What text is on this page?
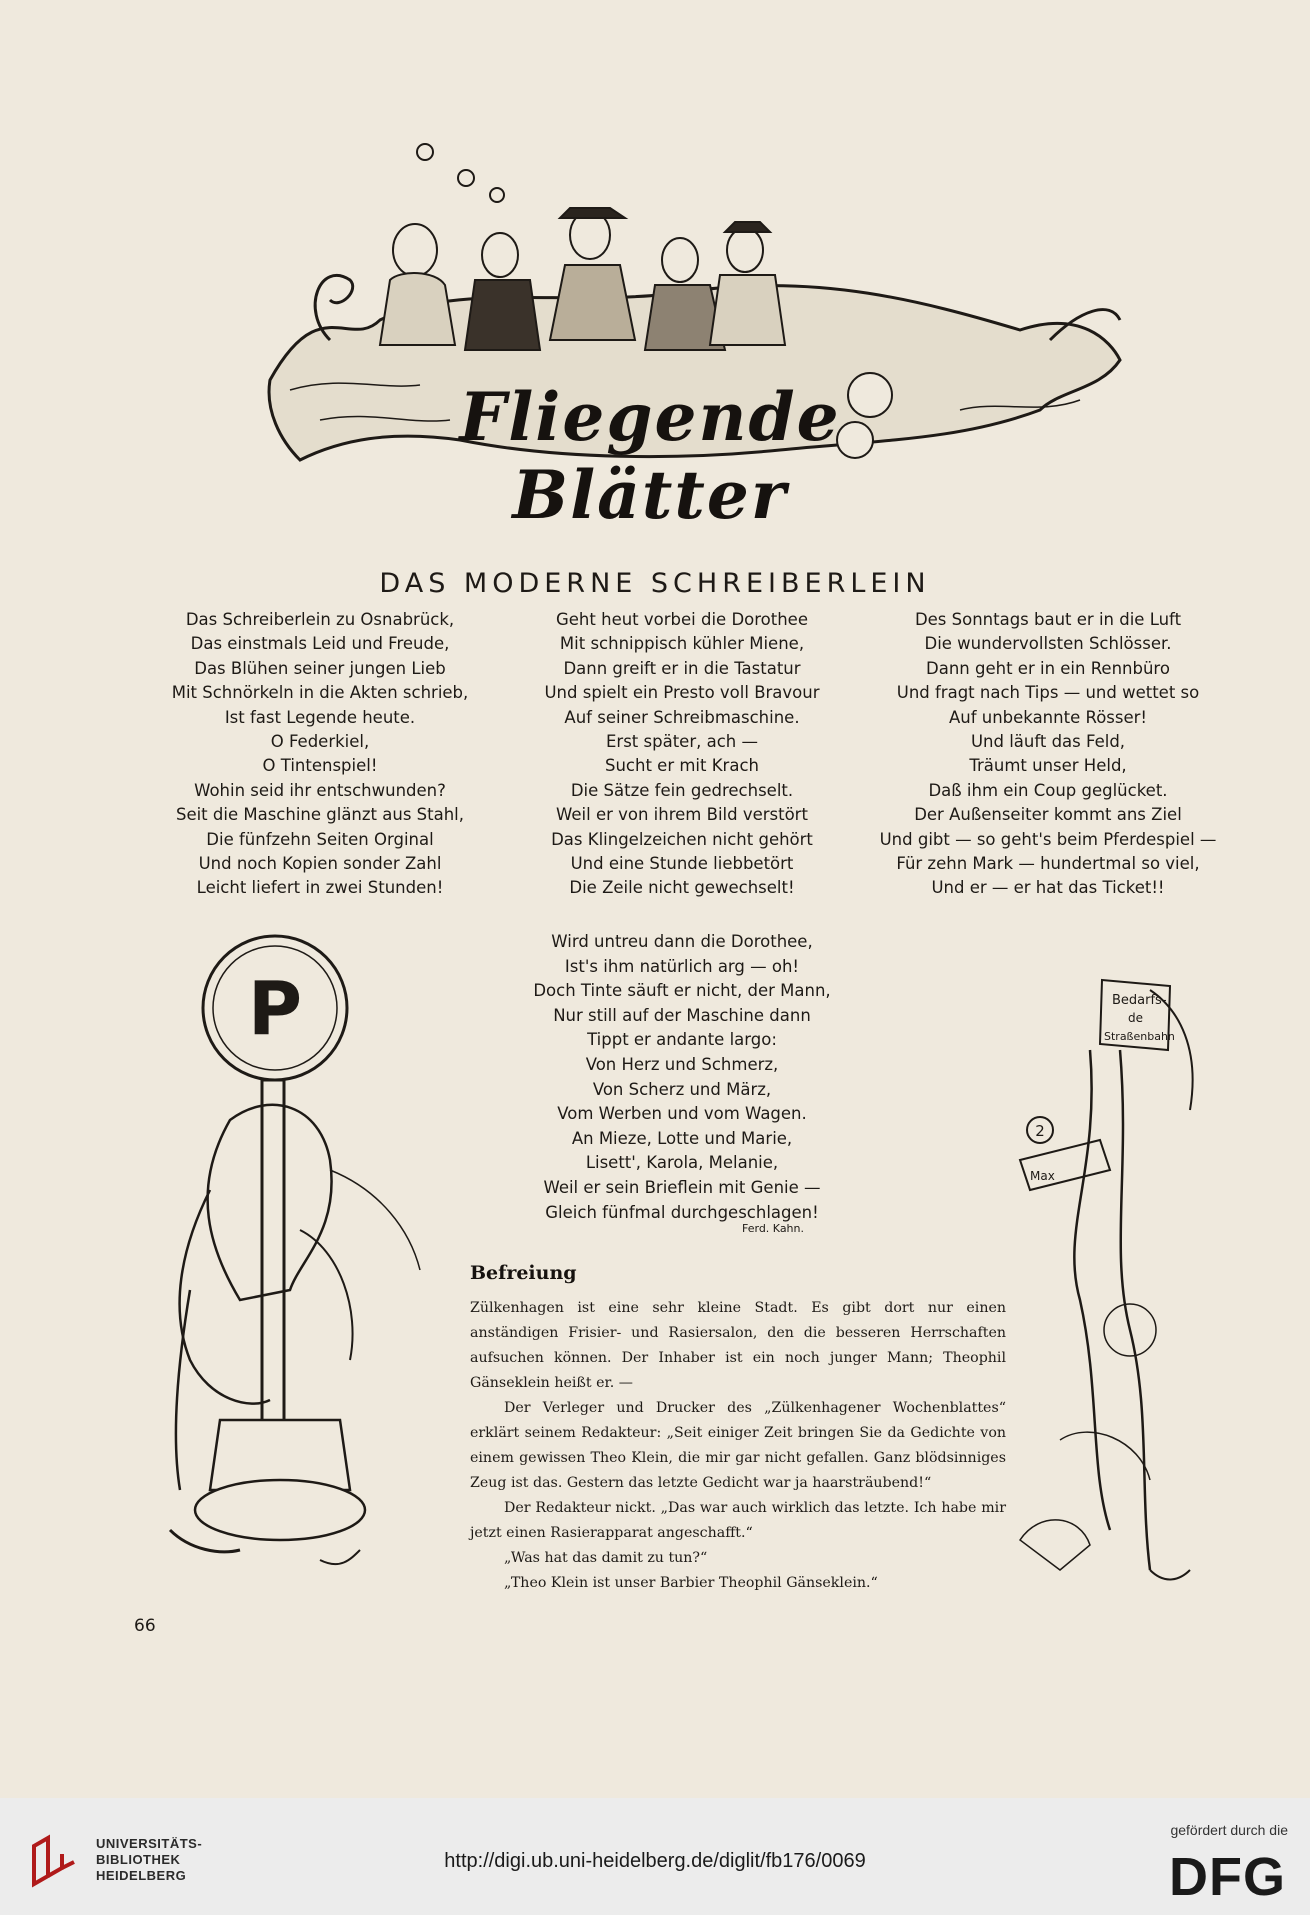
Fliegende Blätter
DAS MODERNE SCHREIBERLEIN
Das Schreiberlein zu Osnabrück,
Das einstmals Leid und Freude,
Das Blühen seiner jungen Lieb
Mit Schnörkeln in die Akten schrieb,
Ist fast Legende heute.
O Federkiel,
O Tintenspiel!
Wohin seid ihr entschwunden?
Seit die Maschine glänzt aus Stahl,
Die fünfzehn Seiten Orginal
Und noch Kopien sonder Zahl
Leicht liefert in zwei Stunden!
Geht heut vorbei die Dorothee
Mit schnippisch kühler Miene,
Dann greift er in die Tastatur
Und spielt ein Presto voll Bravour
Auf seiner Schreibmaschine.
Erst später, ach —
Sucht er mit Krach
Die Sätze fein gedrechselt.
Weil er von ihrem Bild verstört
Das Klingelzeichen nicht gehört
Und eine Stunde liebbetört
Die Zeile nicht gewechselt!
Des Sonntags baut er in die Luft
Die wundervollsten Schlösser.
Dann geht er in ein Rennbüro
Und fragt nach Tips — und wettet so
Auf unbekannte Rösser!
Und läuft das Feld,
Träumt unser Held,
Daß ihm ein Coup geglücket.
Der Außenseiter kommt ans Ziel
Und gibt — so geht's beim Pferdespiel —
Für zehn Mark — hundertmal so viel,
Und er — er hat das Ticket!!
Wird untreu dann die Dorothee,
Ist's ihm natürlich arg — oh!
Doch Tinte säuft er nicht, der Mann,
Nur still auf der Maschine dann
Tippt er andante largo:
Von Herz und Schmerz,
Von Scherz und März,
Vom Werben und vom Wagen.
An Mieze, Lotte und Marie,
Lisett', Karola, Melanie,
Weil er sein Brieflein mit Genie —
Gleich fünfmal durchgeschlagen!
Ferd. Kahn.
P	Bedarfs-
de
Straßenbahn
2
Max
Befreiung

Zülkenhagen ist eine sehr kleine Stadt. Es gibt dort nur einen anständigen Frisier- und Rasiersalon, den die besseren Herrschaften aufsuchen können. Der Inhaber ist ein noch junger Mann; Theophil Gänseklein heißt er. —

Der Verleger und Drucker des „Zülkenhagener Wochenblattes“ erklärt seinem Redakteur: „Seit einiger Zeit bringen Sie da Gedichte von einem gewissen Theo Klein, die mir gar nicht gefallen. Ganz blödsinniges Zeug ist das. Gestern das letzte Gedicht war ja haarsträubend!“

Der Redakteur nickt. „Das war auch wirklich das letzte. Ich habe mir jetzt einen Rasierapparat angeschafft.“

„Was hat das damit zu tun?“

„Theo Klein ist unser Barbier Theophil Gänseklein.“

66
UNIVERSITÄTS-
BIBLIOTHEK
HEIDELBERG
http://digi.ub.uni-heidelberg.de/diglit/fb176/0069
gefördert durch die
DFG
